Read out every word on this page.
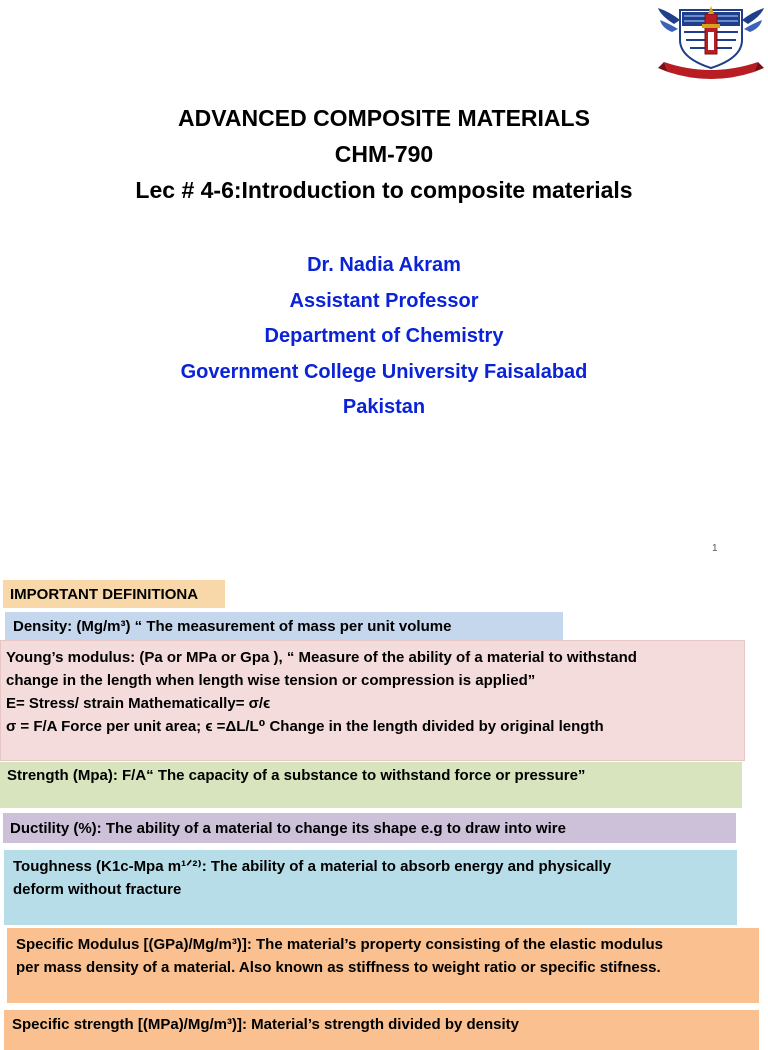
ADVANCED COMPOSITE MATERIALS
CHM-790
Lec # 4-6:Introduction to composite materials
Dr. Nadia Akram
Assistant Professor
Department of Chemistry
Government College University Faisalabad
Pakistan
1
IMPORTANT DEFINITIONA
Density: (Mg/m³) “ The measurement of mass per unit volume
Young’s modulus: (Pa or MPa or Gpa ), “ Measure of the ability of a material to withstand
change in the length when length wise tension or compression is applied”
E= Stress/ strain Mathematically= σ/ϵ
σ = F/A Force per unit area; ϵ =ΔL/L⁰ Change in the length divided by original length
Strength (Mpa): F/A“ The capacity of a substance to withstand force or pressure”
Ductility (%): The ability of a material to change its shape e.g to draw into wire
Toughness (K1c-Mpa m¹ᐟ²⁾: The ability of a material to absorb energy and physically
deform without fracture
Specific Modulus [(GPa)/Mg/m³)]: The material’s property consisting of the elastic modulus
per mass density of a material. Also known as stiffness to weight ratio or specific stifness.
Specific strength [(MPa)/Mg/m³)]: Material’s strength divided by density
